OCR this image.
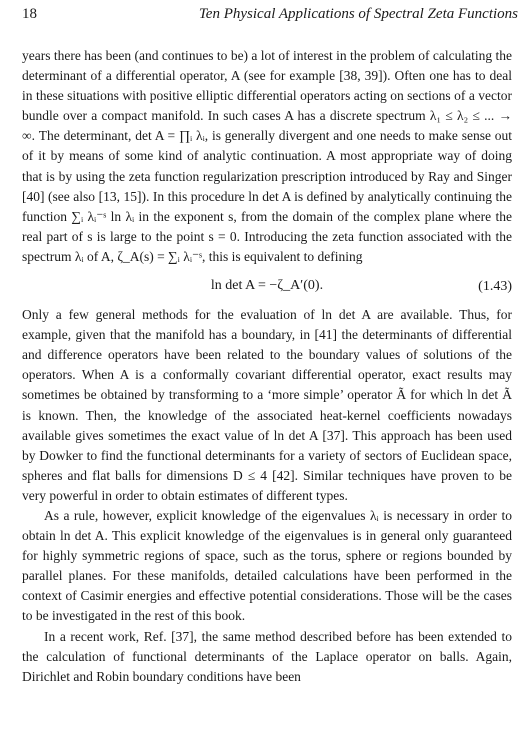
18	Ten Physical Applications of Spectral Zeta Functions

years there has been (and continues to be) a lot of interest in the problem of calculating the determinant of a differential operator, A (see for example [38, 39]). Often one has to deal in these situations with positive elliptic differential operators acting on sections of a vector bundle over a compact manifold. In such cases A has a discrete spectrum λ₁ ≤ λ₂ ≤ ... → ∞. The determinant, det A = ∏ᵢ λᵢ, is generally divergent and one needs to make sense out of it by means of some kind of analytic continuation. A most appropriate way of doing that is by using the zeta function regularization prescription introduced by Ray and Singer [40] (see also [13, 15]). In this procedure ln det A is defined by analytically continuing the function ∑ᵢ λᵢ⁻ˢ ln λᵢ in the exponent s, from the domain of the complex plane where the real part of s is large to the point s = 0. Introducing the zeta function associated with the spectrum λᵢ of A, ζ_A(s) = ∑ᵢ λᵢ⁻ˢ, this is equivalent to defining

ln det A = −ζ_A′(0).	(1.43)

Only a few general methods for the evaluation of ln det A are available. Thus, for example, given that the manifold has a boundary, in [41] the determinants of differential and difference operators have been related to the boundary values of solutions of the operators. When A is a conformally covariant differential operator, exact results may sometimes be obtained by transforming to a ‘more simple’ operator Ã for which ln det Ã is known. Then, the knowledge of the associated heat-kernel coefficients nowadays available gives sometimes the exact value of ln det A [37]. This approach has been used by Dowker to find the functional determinants for a variety of sectors of Euclidean space, spheres and flat balls for dimensions D ≤ 4 [42]. Similar techniques have proven to be very powerful in order to obtain estimates of different types.

As a rule, however, explicit knowledge of the eigenvalues λᵢ is necessary in order to obtain ln det A. This explicit knowledge of the eigenvalues is in general only guaranteed for highly symmetric regions of space, such as the torus, sphere or regions bounded by parallel planes. For these manifolds, detailed calculations have been performed in the context of Casimir energies and effective potential considerations. Those will be the cases to be investigated in the rest of this book.

In a recent work, Ref. [37], the same method described before has been extended to the calculation of functional determinants of the Laplace operator on balls. Again, Dirichlet and Robin boundary conditions have been
